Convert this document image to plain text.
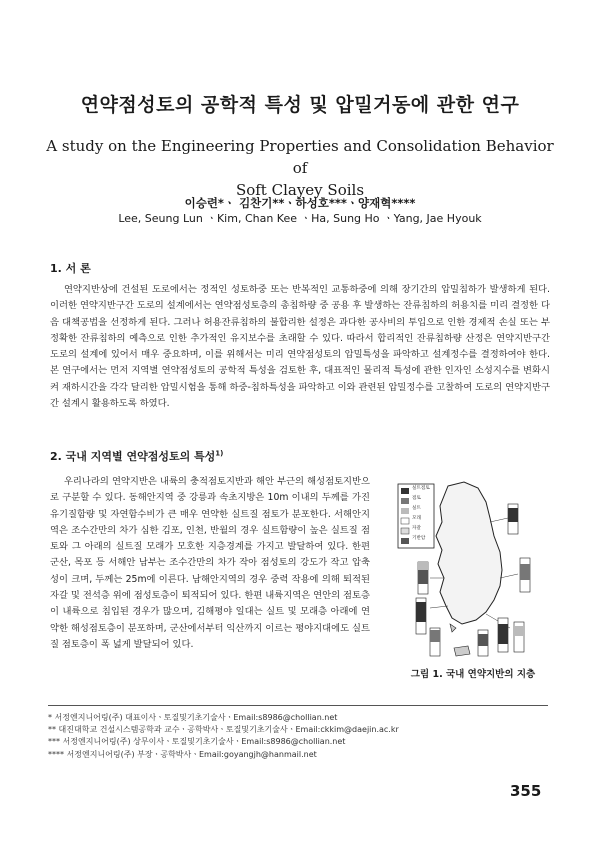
연약점성토의 공학적 특성 및 압밀거동에 관한 연구
A study on the Engineering Properties and Consolidation Behavior of
Soft Clayey Soils
이승련*ㆍ 김찬기**ㆍ하성호***ㆍ양재혁****
Lee, Seung Lun ㆍKim, Chan Kee ㆍHa, Sung Ho ㆍYang, Jae Hyouk
1. 서 론

연약지반상에 건설된 도로에서는 정적인 성토하중 또는 반복적인 교통하중에 의해 장기간의 압밀침하가 발생하게 된다. 이러한 연약지반구간 도로의 설계에서는 연약점성토층의 총침하량 중 공용 후 발생하는 잔류침하의 허용치를 미리 결정한 다음 대책공법을 선정하게 된다. 그러나 허용잔류침하의 불합리한 설정은 과다한 공사비의 투입으로 인한 경제적 손실 또는 부정확한 잔류침하의 예측으로 인한 추가적인 유지보수를 초래할 수 있다. 따라서 합리적인 잔류침하량 산정은 연약지반구간 도로의 설계에 있어서 매우 중요하며, 이를 위해서는 미리 연약점성토의 압밀특성을 파악하고 설계정수를 결정하여야 한다. 본 연구에서는 먼저 지역별 연약점성토의 공학적 특성을 검토한 후, 대표적인 물리적 특성에 관한 인자인 소성지수를 변화시켜 재하시간을 각각 달리한 압밀시험을 통해 하중-침하특성을 파악하고 이와 관련된 압밀정수를 고찰하여 도로의 연약지반구간 설계시 활용하도록 하였다.

2. 국내 지역별 연약점성토의 특성$^{1)}$

우리나라의 연약지반은 내륙의 충적점토지반과 해안 부근의 해성점토지반으로 구분할 수 있다. 동해안지역 중 강릉과 속초지방은 10m 이내의 두께를 가진 유기질함량 및 자연함수비가 큰 매우 연약한 실트질 점토가 분포한다. 서해안지역은 조수간만의 차가 심한 김포, 인천, 반월의 경우 실트함량이 높은 실트질 점토와 그 아래의 실트질 모래가 모호한 지층경계를 가지고 발달하여 있다. 한편 군산, 목포 등 서해안 남부는 조수간만의 차가 작아 점성토의 강도가 작고 압축성이 크며, 두께는 25m에 이른다. 남해안지역의 경우 중력 작용에 의해 퇴적된 자갈 및 전석층 위에 점성토층이 퇴적되어 있다. 한편 내륙지역은 연안의 점토층이 내륙으로 침입된 경우가 많으며, 김해평야 일대는 실트 및 모래층 아래에 연약한 해성점토층이 분포하며, 군산에서부터 익산까지 이르는 평야지대에도 실트질 점토층이 폭 넓게 발달되어 있다.

실트점토
점토
실트
모래
자갈
기반암
그림 1. 국내 연약지반의 지층
* 서정엔지니어링(주) 대표이사ㆍ토질및기초기술사ㆍEmail:s8986@chollian.net
** 대진대학교 건설시스템공학과 교수ㆍ공학박사ㆍ토질및기초기술사ㆍEmail:ckkim@daejin.ac.kr
*** 서정엔지니어링(주) 상무이사ㆍ토질및기초기술사ㆍEmail:s8986@chollian.net
**** 서정엔지니어링(주) 부장ㆍ공학박사ㆍEmail:goyangjh@hanmail.net
355
